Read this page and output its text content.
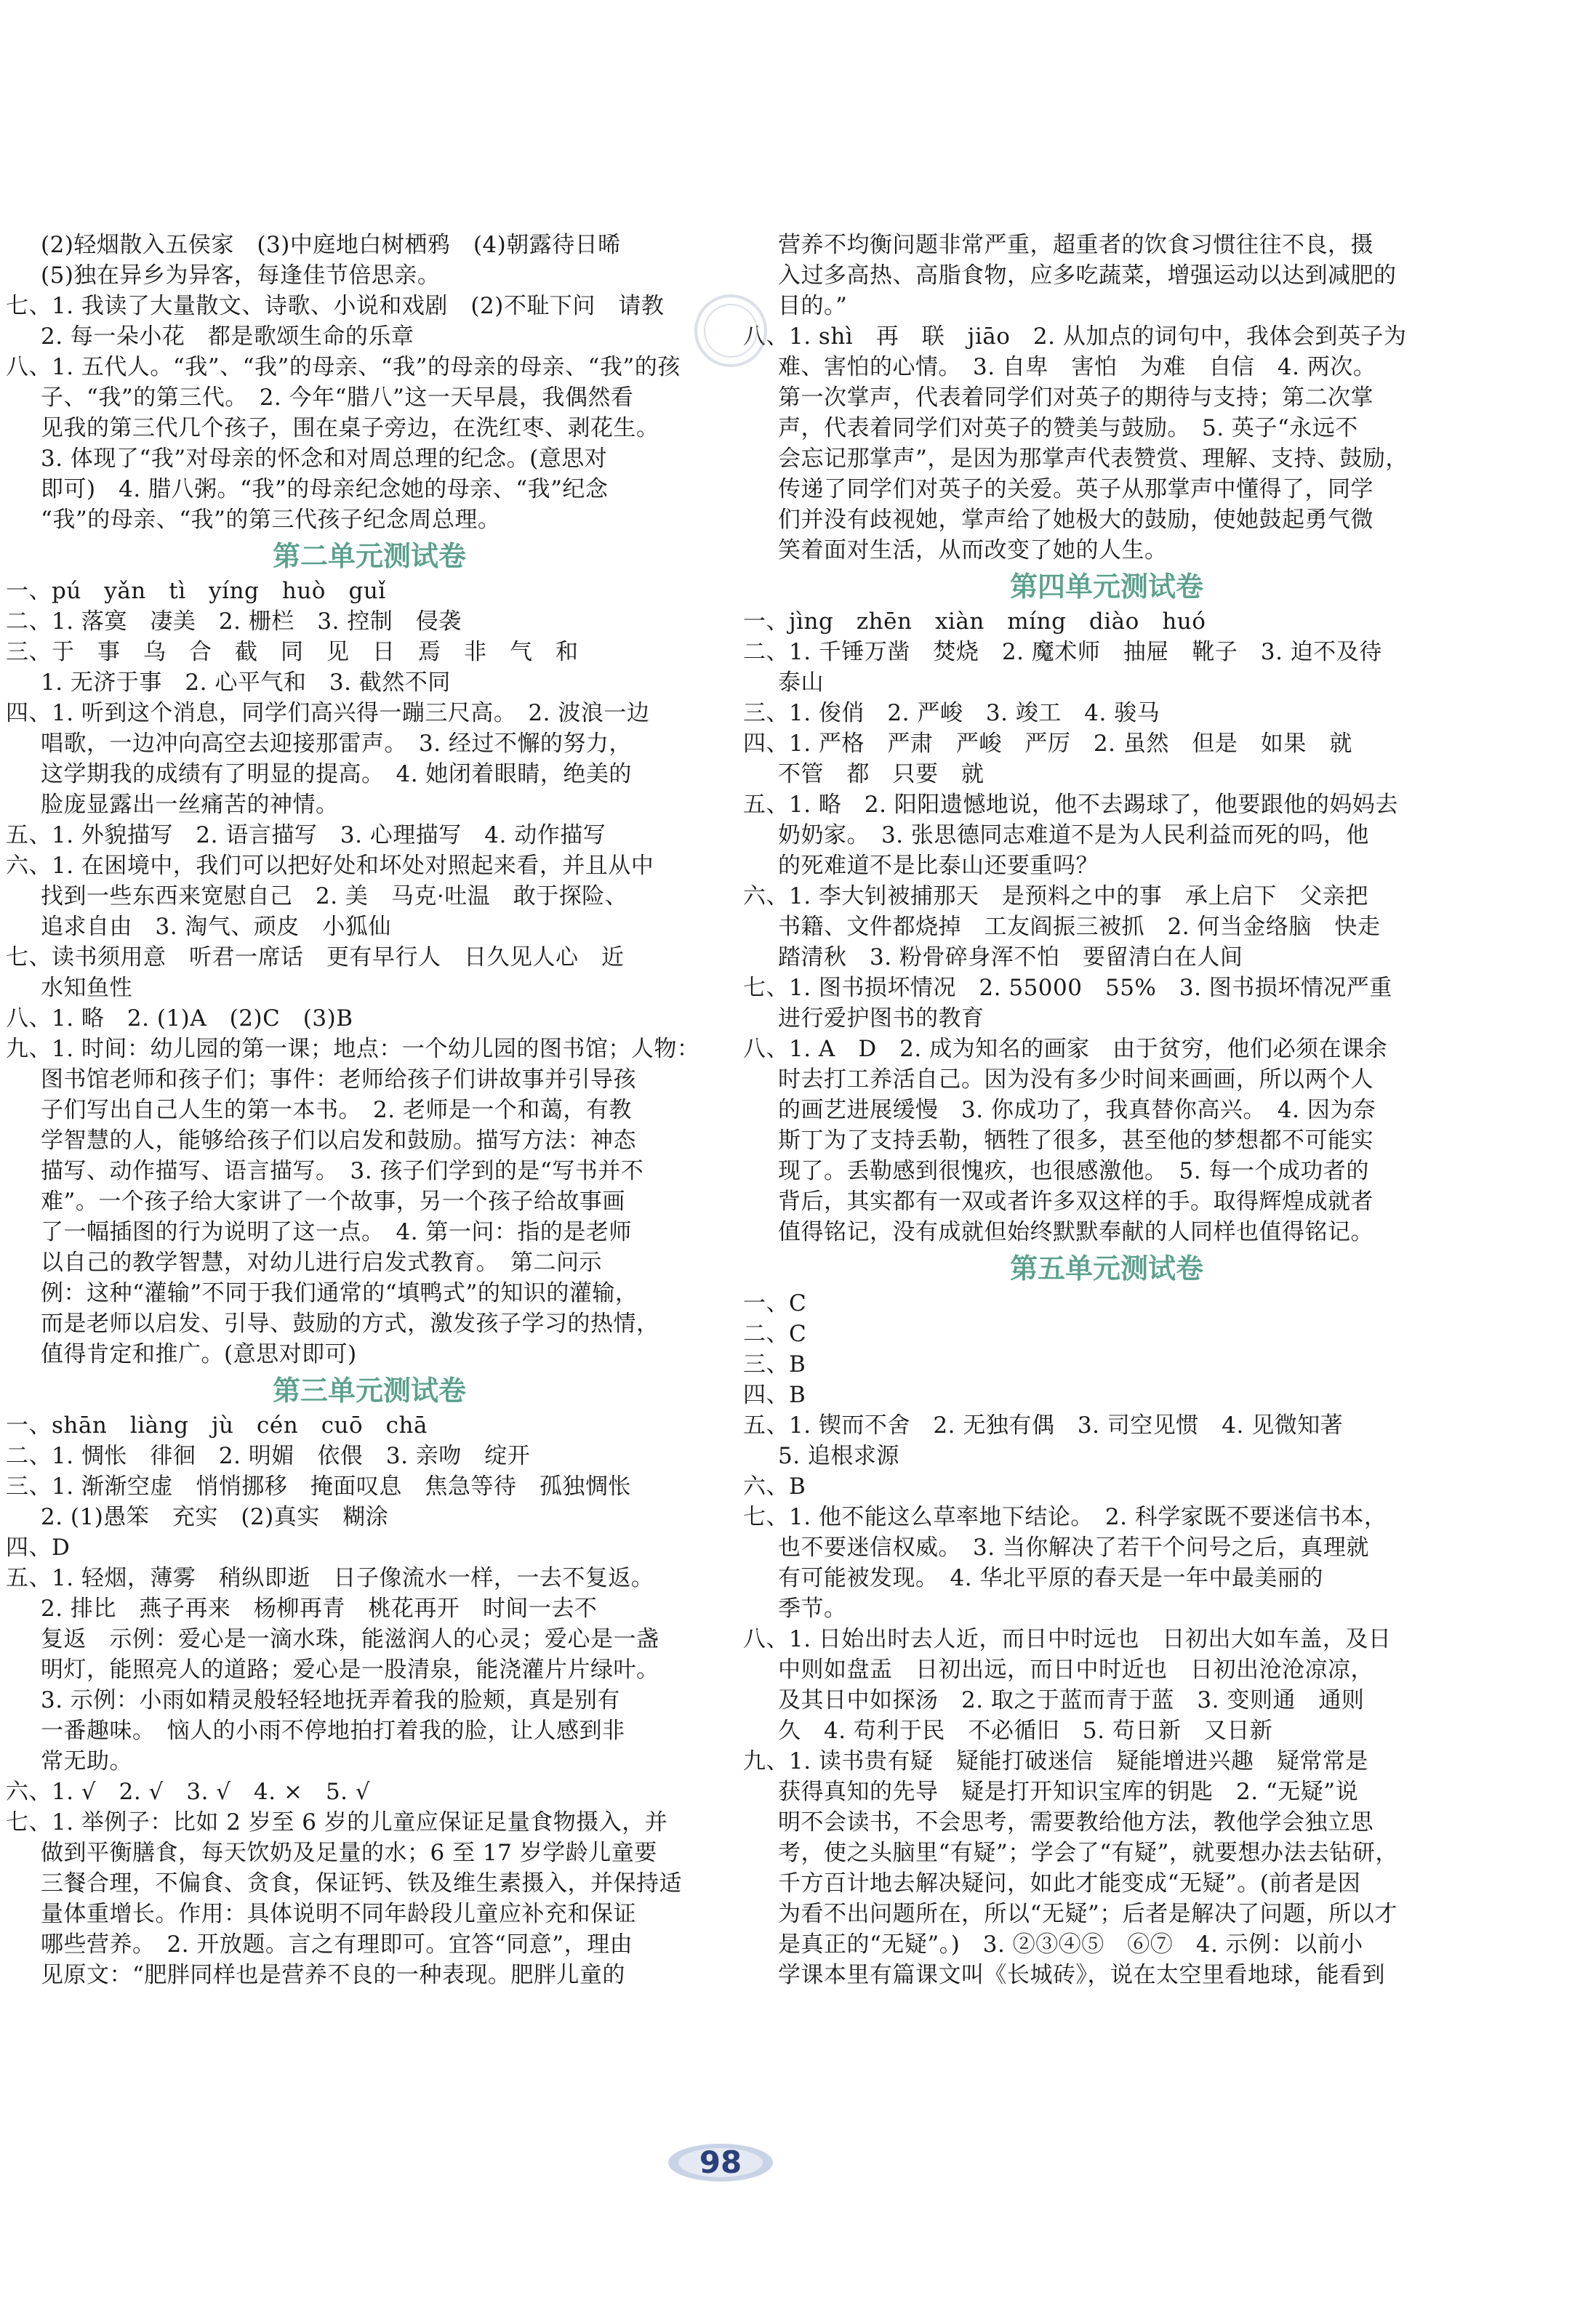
(2)轻烟散入五侯家　(3)中庭地白树栖鸦　(4)朝露待日晞
(5)独在异乡为异客，每逢佳节倍思亲。
七、1. 我读了大量散文、诗歌、小说和戏剧　(2)不耻下问　请教
2. 每一朵小花　都是歌颂生命的乐章
八、1. 五代人。“我”、“我”的母亲、“我”的母亲的母亲、“我”的孩
子、“我”的第三代。　2. 今年“腊八”这一天早晨，我偶然看
见我的第三代几个孩子，围在桌子旁边，在洗红枣、剥花生。
3. 体现了“我”对母亲的怀念和对周总理的纪念。(意思对
即可)　4. 腊八粥。“我”的母亲纪念她的母亲、“我”纪念
“我”的母亲、“我”的第三代孩子纪念周总理。
第二单元测试卷
一、pú　yǎn　tì　yíng　huò　guǐ
二、1. 落寞　凄美　2. 栅栏　3. 控制　侵袭
三、于　事　乌　合　截　同　见　日　焉　非　气　和
1. 无济于事　2. 心平气和　3. 截然不同
四、1. 听到这个消息，同学们高兴得一蹦三尺高。　2. 波浪一边
唱歌，一边冲向高空去迎接那雷声。　3. 经过不懈的努力，
这学期我的成绩有了明显的提高。　4. 她闭着眼睛，绝美的
脸庞显露出一丝痛苦的神情。
五、1. 外貌描写　2. 语言描写　3. 心理描写　4. 动作描写
六、1. 在困境中，我们可以把好处和坏处对照起来看，并且从中
找到一些东西来宽慰自己　2. 美　马克·吐温　敢于探险、
追求自由　3. 淘气、顽皮　小狐仙
七、读书须用意　听君一席话　更有早行人　日久见人心　近
水知鱼性
八、1. 略　2. (1)A　(2)C　(3)B
九、1. 时间：幼儿园的第一课；地点：一个幼儿园的图书馆；人物：
图书馆老师和孩子们；事件：老师给孩子们讲故事并引导孩
子们写出自己人生的第一本书。　2. 老师是一个和蔼，有教
学智慧的人，能够给孩子们以启发和鼓励。描写方法：神态
描写、动作描写、语言描写。　3. 孩子们学到的是“写书并不
难”。一个孩子给大家讲了一个故事，另一个孩子给故事画
了一幅插图的行为说明了这一点。　4. 第一问：指的是老师
以自己的教学智慧，对幼儿进行启发式教育。　第二问示
例：这种“灌输”不同于我们通常的“填鸭式”的知识的灌输，
而是老师以启发、引导、鼓励的方式，激发孩子学习的热情，
值得肯定和推广。(意思对即可)
第三单元测试卷
一、shān　liàng　jù　cén　cuō　chā
二、1. 惆怅　徘徊　2. 明媚　依偎　3. 亲吻　绽开
三、1. 渐渐空虚　悄悄挪移　掩面叹息　焦急等待　孤独惆怅
2. (1)愚笨　充实　(2)真实　糊涂
四、D
五、1. 轻烟，薄雾　稍纵即逝　日子像流水一样，一去不复返。
2. 排比　燕子再来　杨柳再青　桃花再开　时间一去不
复返　示例：爱心是一滴水珠，能滋润人的心灵；爱心是一盏
明灯，能照亮人的道路；爱心是一股清泉，能浇灌片片绿叶。
3. 示例：小雨如精灵般轻轻地抚弄着我的脸颊，真是别有
一番趣味。　恼人的小雨不停地拍打着我的脸，让人感到非
常无助。
六、1. √　2. √　3. √　4. ×　5. √
七、1. 举例子：比如 2 岁至 6 岁的儿童应保证足量食物摄入，并
做到平衡膳食，每天饮奶及足量的水；6 至 17 岁学龄儿童要
三餐合理，不偏食、贪食，保证钙、铁及维生素摄入，并保持适
量体重增长。作用：具体说明不同年龄段儿童应补充和保证
哪些营养。　2. 开放题。言之有理即可。宜答“同意”，理由
见原文：“肥胖同样也是营养不良的一种表现。肥胖儿童的
营养不均衡问题非常严重，超重者的饮食习惯往往不良，摄
入过多高热、高脂食物，应多吃蔬菜，增强运动以达到减肥的
目的。”
八、1. shì　再　联　jiāo　2. 从加点的词句中，我体会到英子为
难、害怕的心情。　3. 自卑　害怕　为难　自信　4. 两次。
第一次掌声，代表着同学们对英子的期待与支持；第二次掌
声，代表着同学们对英子的赞美与鼓励。　5. 英子“永远不
会忘记那掌声”，是因为那掌声代表赞赏、理解、支持、鼓励，
传递了同学们对英子的关爱。英子从那掌声中懂得了，同学
们并没有歧视她，掌声给了她极大的鼓励，使她鼓起勇气微
笑着面对生活，从而改变了她的人生。
第四单元测试卷
一、jìng　zhēn　xiàn　míng　diào　huó
二、1. 千锤万凿　焚烧　2. 魔术师　抽屉　靴子　3. 迫不及待
泰山
三、1. 俊俏　2. 严峻　3. 竣工　4. 骏马
四、1. 严格　严肃　严峻　严厉　2. 虽然　但是　如果　就
不管　都　只要　就
五、1. 略　2. 阳阳遗憾地说，他不去踢球了，他要跟他的妈妈去
奶奶家。　3. 张思德同志难道不是为人民利益而死的吗，他
的死难道不是比泰山还要重吗？
六、1. 李大钊被捕那天　是预料之中的事　承上启下　父亲把
书籍、文件都烧掉　工友阎振三被抓　2. 何当金络脑　快走
踏清秋　3. 粉骨碎身浑不怕　要留清白在人间
七、1. 图书损坏情况　2. 55000　55%　3. 图书损坏情况严重
进行爱护图书的教育
八、1. A　D　2. 成为知名的画家　由于贫穷，他们必须在课余
时去打工养活自己。因为没有多少时间来画画，所以两个人
的画艺进展缓慢　3. 你成功了，我真替你高兴。　4. 因为奈
斯丁为了支持丢勒，牺牲了很多，甚至他的梦想都不可能实
现了。丢勒感到很愧疚，也很感激他。　5. 每一个成功者的
背后，其实都有一双或者许多双这样的手。取得辉煌成就者
值得铭记，没有成就但始终默默奉献的人同样也值得铭记。
第五单元测试卷
一、C
二、C
三、B
四、B
五、1. 锲而不舍　2. 无独有偶　3. 司空见惯　4. 见微知著
5. 追根求源
六、B
七、1. 他不能这么草率地下结论。　2. 科学家既不要迷信书本，
也不要迷信权威。　3. 当你解决了若干个问号之后，真理就
有可能被发现。　4. 华北平原的春天是一年中最美丽的
季节。
八、1. 日始出时去人近，而日中时远也　日初出大如车盖，及日
中则如盘盂　日初出远，而日中时近也　日初出沧沧凉凉，
及其日中如探汤　2. 取之于蓝而青于蓝　3. 变则通　通则
久　4. 苟利于民　不必循旧　5. 苟日新　又日新
九、1. 读书贵有疑　疑能打破迷信　疑能增进兴趣　疑常常是
获得真知的先导　疑是打开知识宝库的钥匙　2. “无疑”说
明不会读书，不会思考，需要教给他方法，教他学会独立思
考，使之头脑里“有疑”；学会了“有疑”，就要想办法去钻研，
千方百计地去解决疑问，如此才能变成“无疑”。(前者是因
为看不出问题所在，所以“无疑”；后者是解决了问题，所以才
是真正的“无疑”。)　3. ②③④⑤　⑥⑦　4. 示例：以前小
学课本里有篇课文叫《长城砖》，说在太空里看地球，能看到
98
